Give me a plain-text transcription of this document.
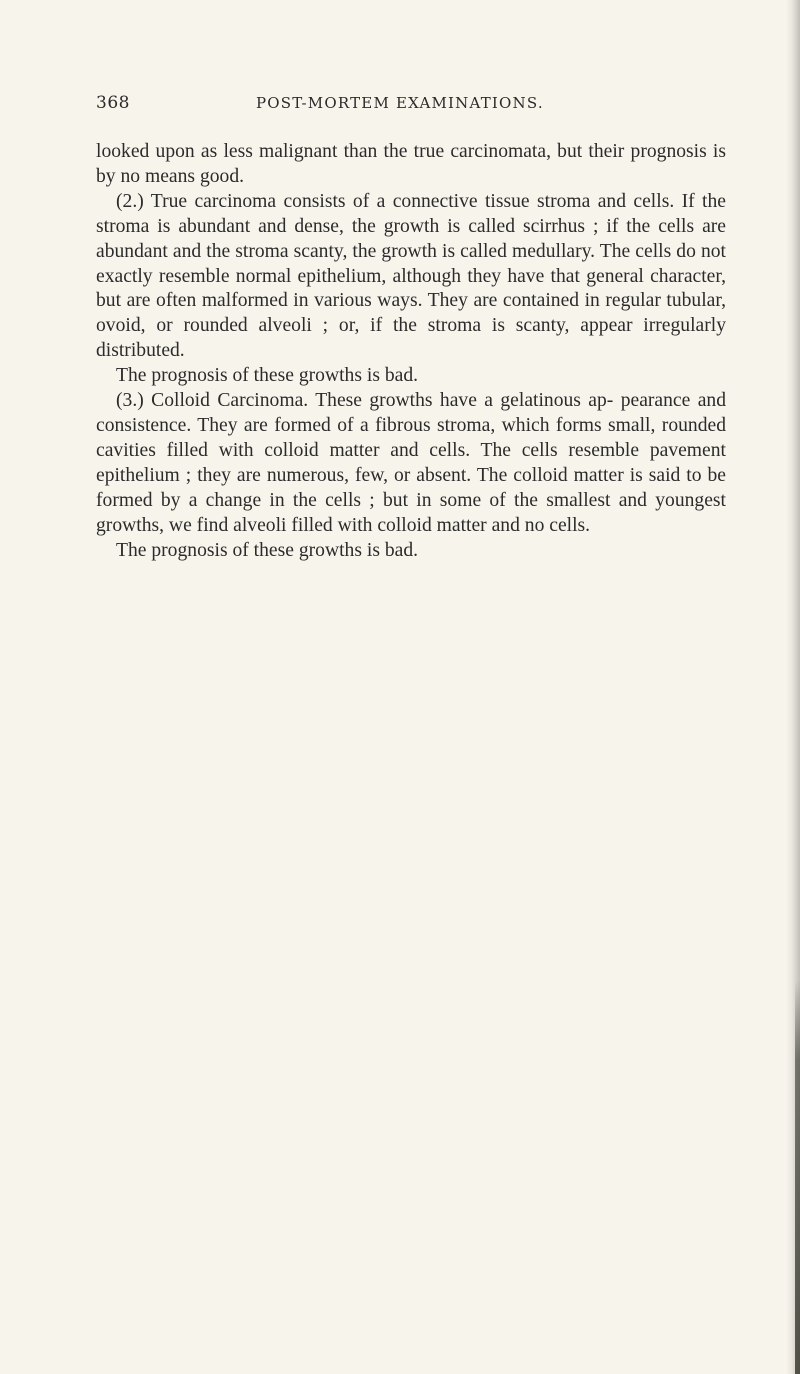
368	POST-MORTEM EXAMINATIONS.

looked upon as less malignant than the true carcinomata, but their prognosis is by no means good.

(2.) True carcinoma consists of a connective tissue stroma and cells. If the stroma is abundant and dense, the growth is called scirrhus ; if the cells are abundant and the stroma scanty, the growth is called medullary. The cells do not exactly resemble normal epithelium, although they have that general character, but are often malformed in various ways. They are contained in regular tubular, ovoid, or rounded alveoli ; or, if the stroma is scanty, appear irregularly distributed.

The prognosis of these growths is bad.

(3.) Colloid Carcinoma. These growths have a gelatinous ap- pearance and consistence. They are formed of a fibrous stroma, which forms small, rounded cavities filled with colloid matter and cells. The cells resemble pavement epithelium ; they are numerous, few, or absent. The colloid matter is said to be formed by a change in the cells ; but in some of the smallest and youngest growths, we find alveoli filled with colloid matter and no cells.

The prognosis of these growths is bad.
